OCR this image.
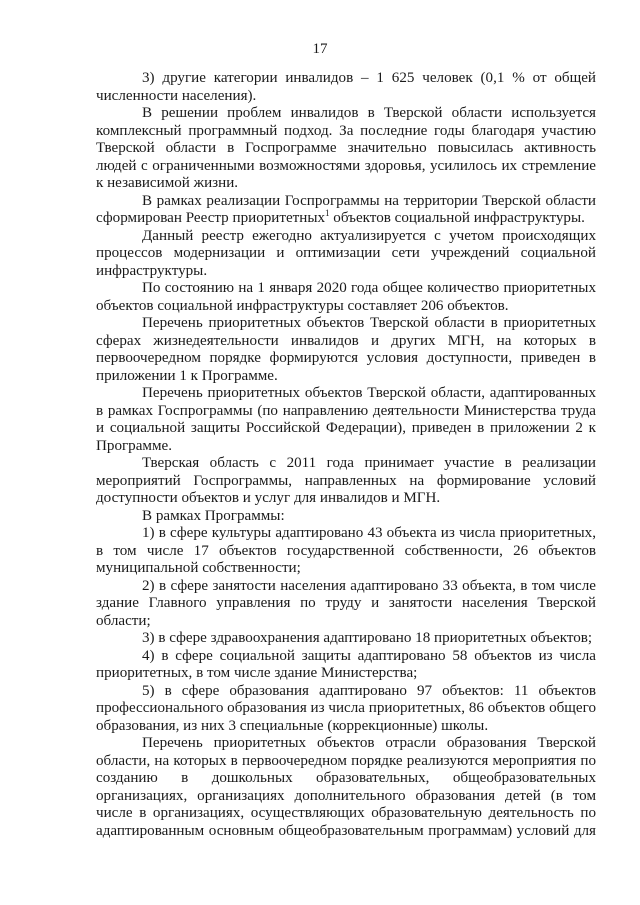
17

3) другие категории инвалидов – 1 625 человек (0,1 % от общей численности населения).

В решении проблем инвалидов в Тверской области используется комплексный программный подход. За последние годы благодаря участию Тверской области в Госпрограмме значительно повысилась активность людей с ограниченными возможностями здоровья, усилилось их стремление к независимой жизни.

В рамках реализации Госпрограммы на территории Тверской области сформирован Реестр приоритетных$^1$ объектов социальной инфраструктуры.

Данный реестр ежегодно актуализируется с учетом происходящих процессов модернизации и оптимизации сети учреждений социальной инфраструктуры.

По состоянию на 1 января 2020 года общее количество приоритетных объектов социальной инфраструктуры составляет 206 объектов.

Перечень приоритетных объектов Тверской области в приоритетных сферах жизнедеятельности инвалидов и других МГН, на которых в первоочередном порядке формируются условия доступности, приведен в приложении 1 к Программе.

Перечень приоритетных объектов Тверской области, адаптированных в рамках Госпрограммы (по направлению деятельности Министерства труда и социальной защиты Российской Федерации), приведен в приложении 2 к Программе.

Тверская область с 2011 года принимает участие в реализации мероприятий Госпрограммы, направленных на формирование условий доступности объектов и услуг для инвалидов и МГН.

В рамках Программы:

1) в сфере культуры адаптировано 43 объекта из числа приоритетных, в том числе 17 объектов государственной собственности, 26 объектов муниципальной собственности;

2) в сфере занятости населения адаптировано 33 объекта, в том числе здание Главного управления по труду и занятости населения Тверской области;

3) в сфере здравоохранения адаптировано 18 приоритетных объектов;

4) в сфере социальной защиты адаптировано 58 объектов из числа приоритетных, в том числе здание Министерства;

5) в сфере образования адаптировано 97 объектов: 11 объектов профессионального образования из числа приоритетных, 86 объектов общего образования, из них 3 специальные (коррекционные) школы.

Перечень приоритетных объектов отрасли образования Тверской области, на которых в первоочередном порядке реализуются мероприятия по созданию в дошкольных образовательных, общеобразовательных организациях, организациях дополнительного образования детей (в том числе в организациях, осуществляющих образовательную деятельность по адаптированным основным общеобразовательным программам) условий для
